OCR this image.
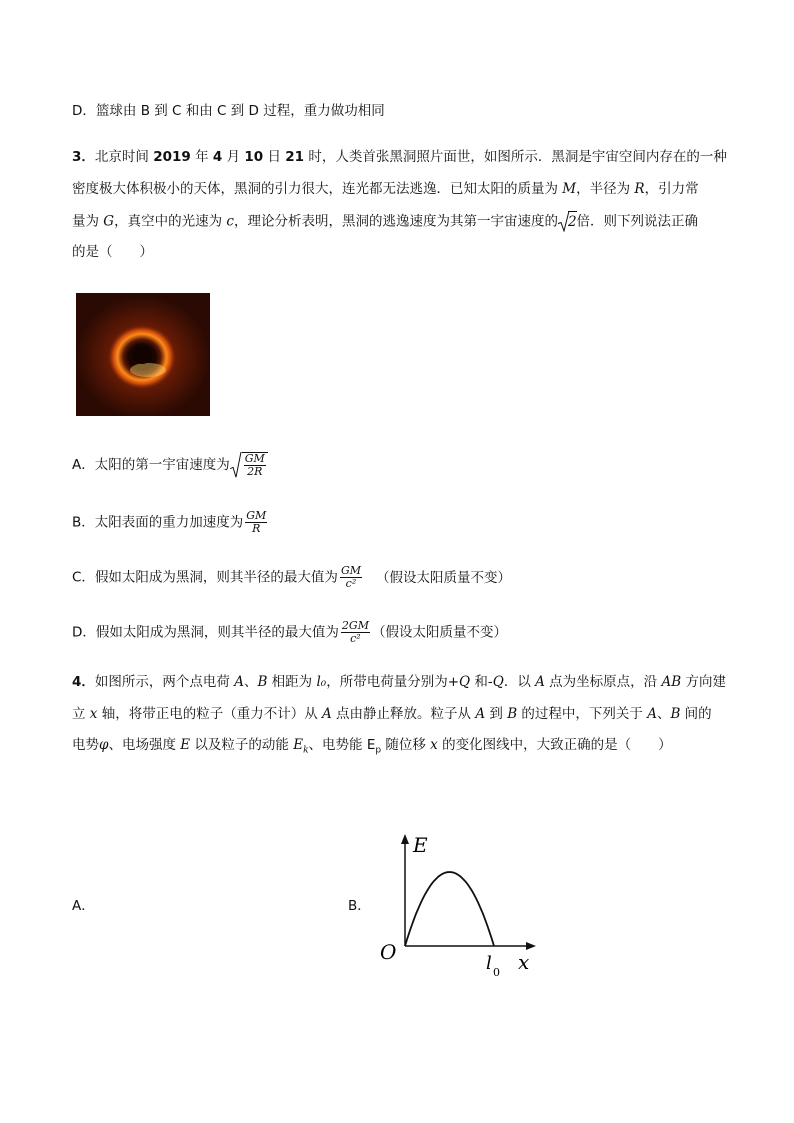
D．篮球由 B 到 C 和由 C 到 D 过程，重力做功相同
3．北京时间 2019 年 4 月 10 日 21 时，人类首张黑洞照片面世，如图所示．黑洞是宇宙空间内存在的一种
密度极大体积极小的天体，黑洞的引力很大，连光都无法逃逸．已知太阳的质量为 M，半径为 R，引力常
量为 G，真空中的光速为 c，理论分析表明，黑洞的逃逸速度为其第一宇宙速度的 2倍．则下列说法正确
的是（　　）
A．太阳的第一宇宙速度为 $\frac{GM}{2R}$
B．太阳表面的重力加速度为 $\frac{GM}{R}$
C．假如太阳成为黑洞，则其半径的最大值为 $\frac{GM}{\text{c²}}$ （假设太阳质量不变）
D．假如太阳成为黑洞，则其半径的最大值为 $\frac{2GM}{\text{c²}}$ （假设太阳质量不变）
4．如图所示，两个点电荷 A、B 相距为 l₀，所带电荷量分别为+Q 和-Q．以 A 点为坐标原点，沿 AB 方向建
立 x 轴，将带正电的粒子（重力不计）从 A 点由静止释放。粒子从 A 到 B 的过程中，下列关于 A、B 间的
电势φ、电场强度 E 以及粒子的动能 $E_k$、电势能 $E_p$ 随位移 x 的变化图线中，大致正确的是（　　）
A．	B．
E
O	l 0 x
